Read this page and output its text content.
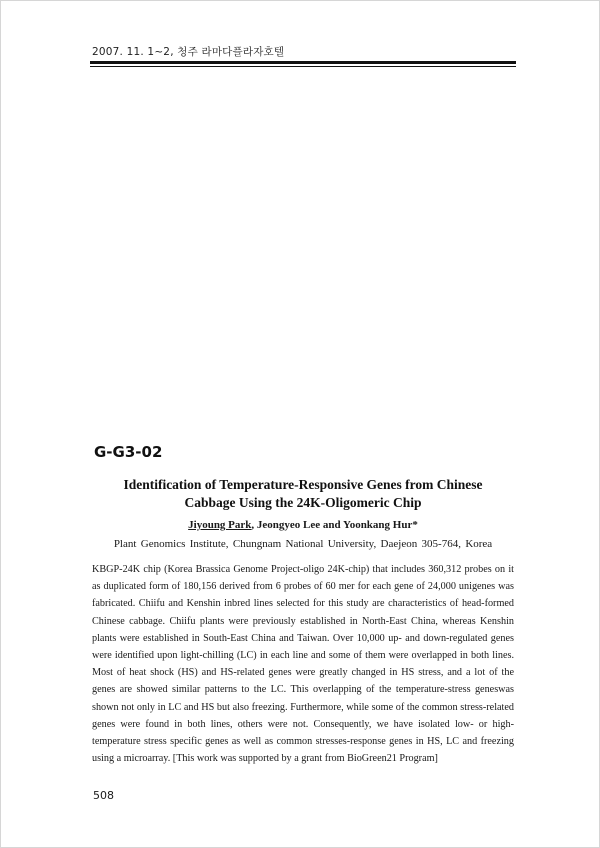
2007. 11. 1~2, 청주 라마다플라자호텔
G-G3-02
Identification of Temperature-Responsive Genes from Chinese
Cabbage Using the 24K-Oligomeric Chip
Jiyoung Park, Jeongyeo Lee and Yoonkang Hur*
Plant Genomics Institute, Chungnam National University, Daejeon 305-764, Korea
KBGP-24K chip (Korea Brassica Genome Project-oligo 24K-chip) that includes 360,312 probes on it as duplicated form of 180,156 derived from 6 probes of 60 mer for each gene of 24,000 unigenes was fabricated. Chiifu and Kenshin inbred lines selected for this study are characteristics of head-formed Chinese cabbage. Chiifu plants were previously established in North-East China, whereas Kenshin plants were established in South-East China and Taiwan. Over 10,000 up- and down-regulated genes were identified upon light-chilling (LC) in each line and some of them were overlapped in both lines. Most of heat shock (HS) and HS-related genes were greatly changed in HS stress, and a lot of the genes are showed similar patterns to the LC. This overlapping of the temperature-stress geneswas shown not only in LC and HS but also freezing. Furthermore, while some of the common stress-related genes were found in both lines, others were not. Consequently, we have isolated low- or high-temperature stress specific genes as well as common stresses-response genes in HS, LC and freezing using a microarray. [This work was supported by a grant from BioGreen21 Program]
508
